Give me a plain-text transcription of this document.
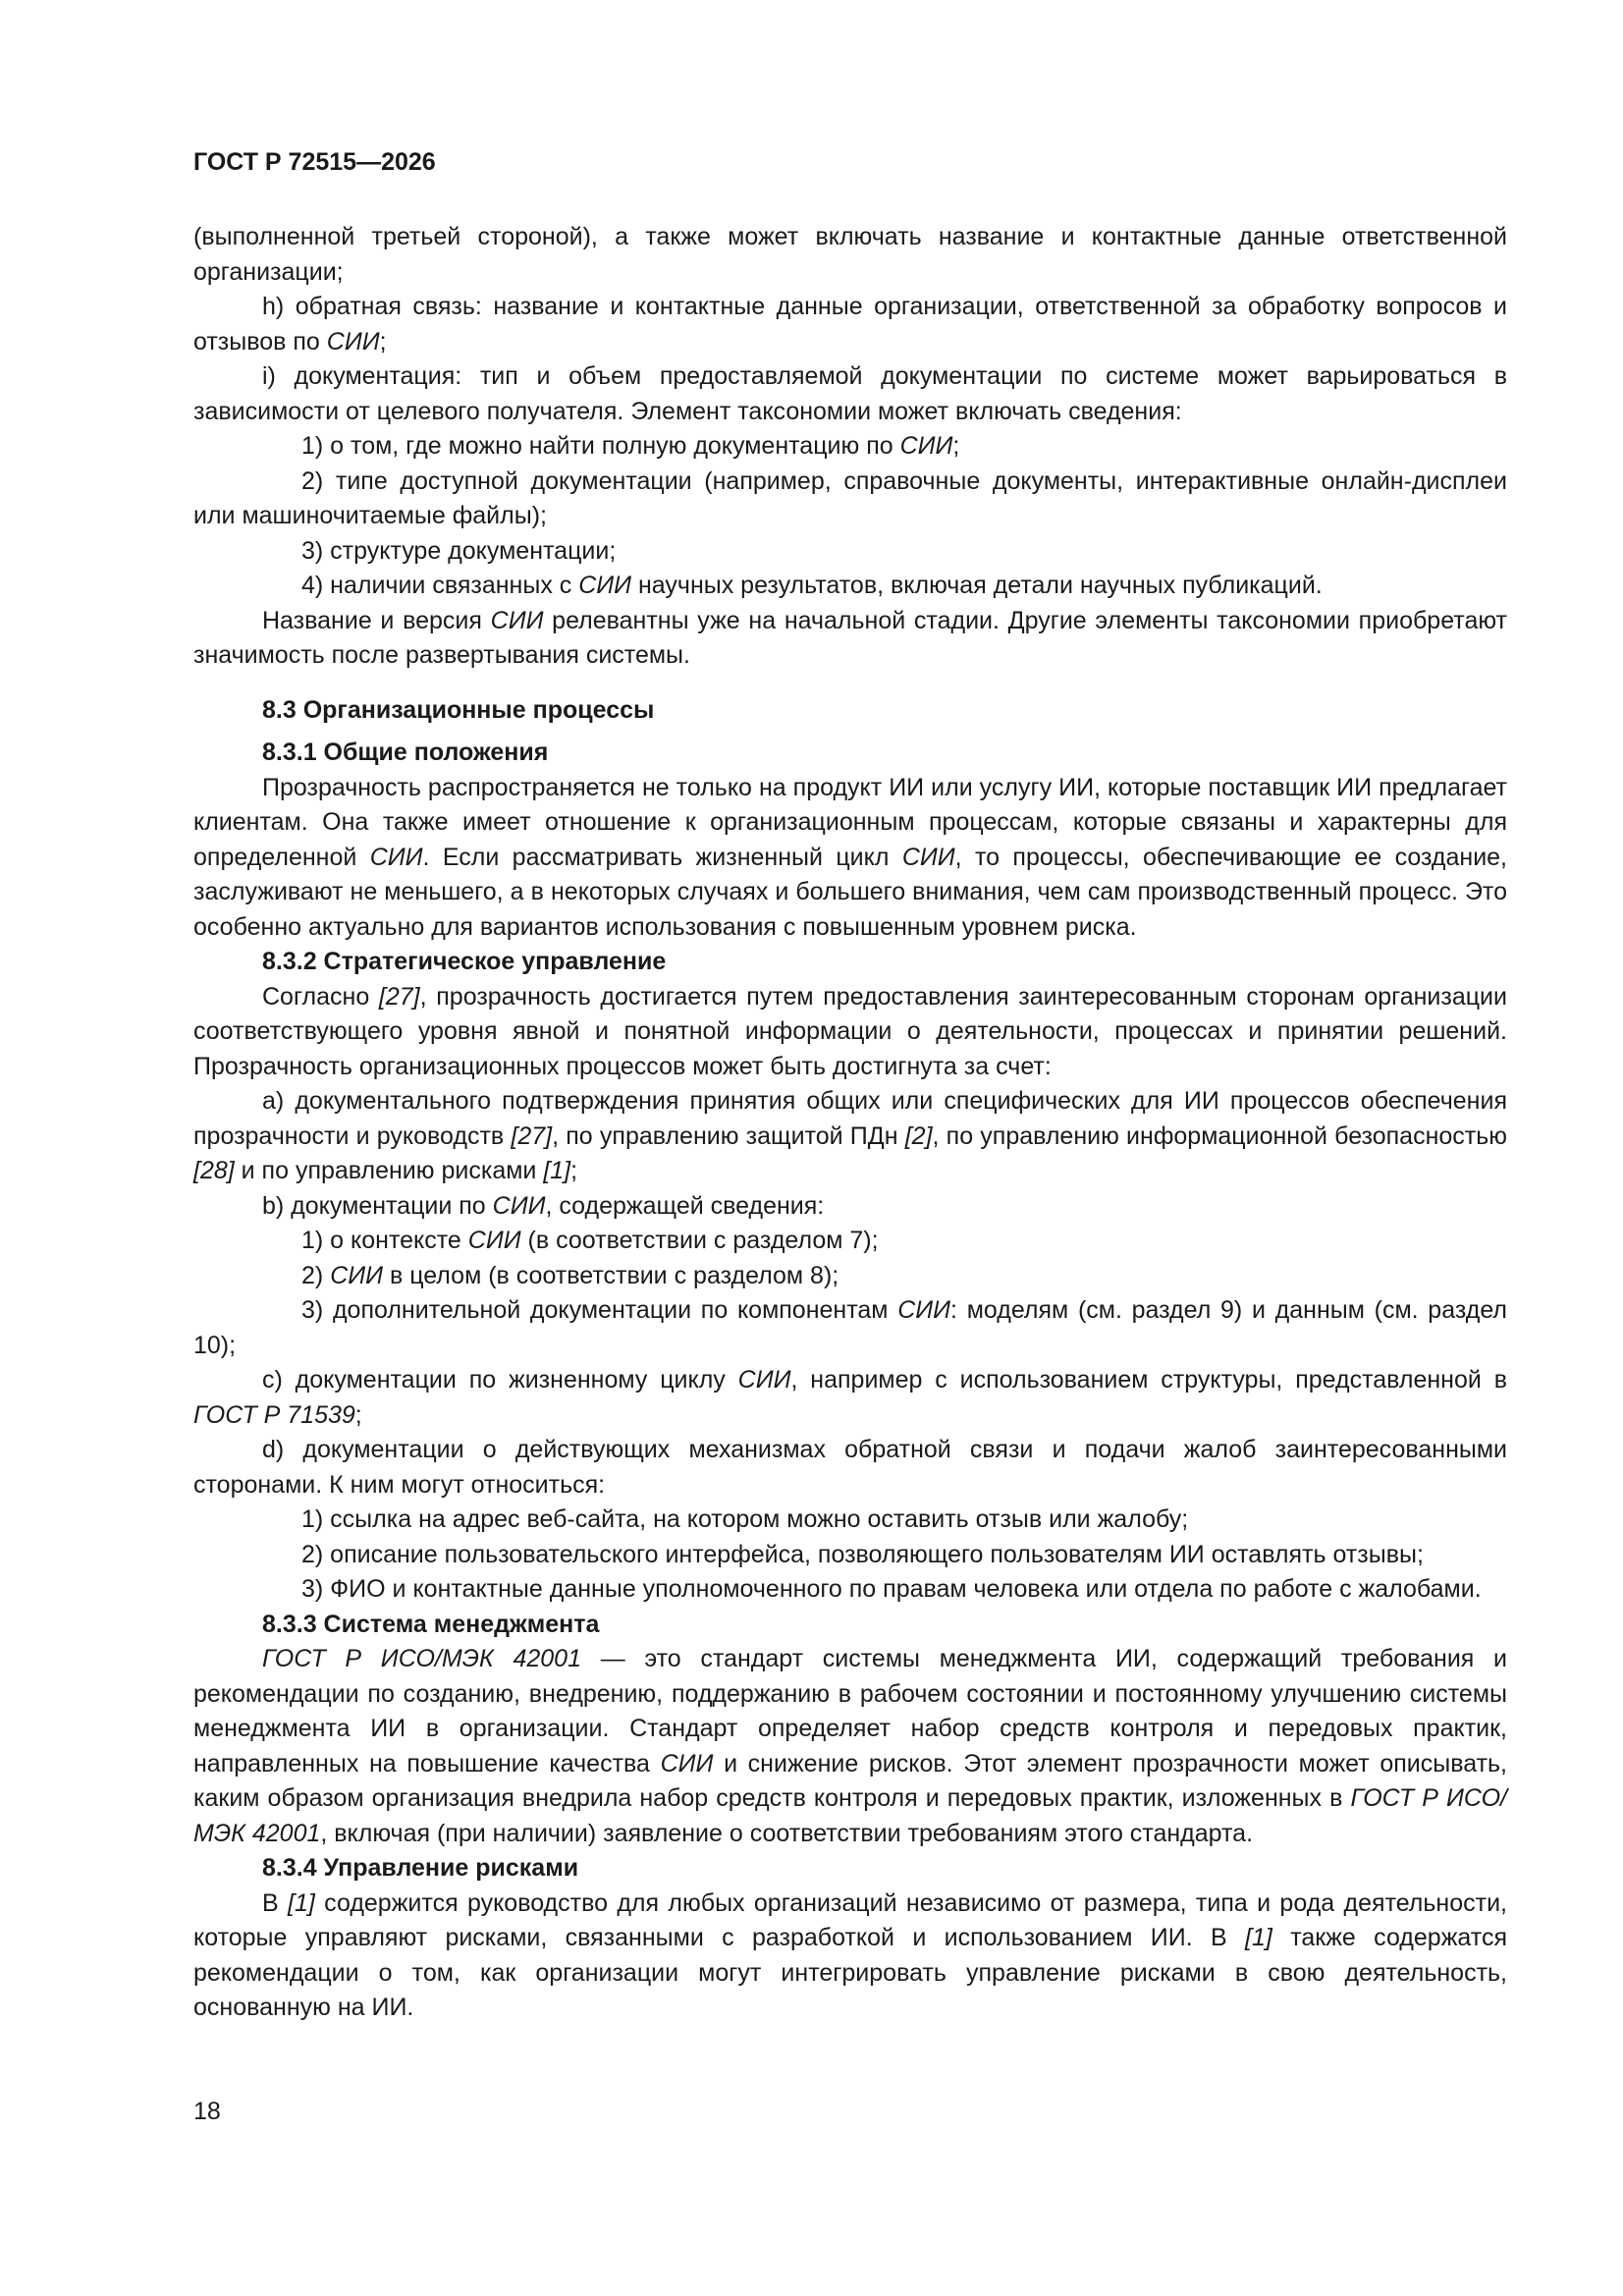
ГОСТ Р 72515—2026

(выполненной третьей стороной), а также может включать название и контактные данные ответственной организации;

h) обратная связь: название и контактные данные организации, ответственной за обработку вопросов и отзывов по СИИ;

i) документация: тип и объем предоставляемой документации по системе может варьироваться в зависимости от целевого получателя. Элемент таксономии может включать сведения:

1) о том, где можно найти полную документацию по СИИ;

2) типе доступной документации (например, справочные документы, интерактивные онлайн-дисплеи или машиночитаемые файлы);

3) структуре документации;

4) наличии связанных с СИИ научных результатов, включая детали научных публикаций.

Название и версия СИИ релевантны уже на начальной стадии. Другие элементы таксономии приобретают значимость после развертывания системы.

8.3 Организационные процессы

8.3.1 Общие положения

Прозрачность распространяется не только на продукт ИИ или услугу ИИ, которые поставщик ИИ предлагает клиентам. Она также имеет отношение к организационным процессам, которые связаны и характерны для определенной СИИ. Если рассматривать жизненный цикл СИИ, то процессы, обеспечивающие ее создание, заслуживают не меньшего, а в некоторых случаях и большего внимания, чем сам производственный процесс. Это особенно актуально для вариантов использования с повышенным уровнем риска.

8.3.2 Стратегическое управление

Согласно [27], прозрачность достигается путем предоставления заинтересованным сторонам организации соответствующего уровня явной и понятной информации о деятельности, процессах и принятии решений. Прозрачность организационных процессов может быть достигнута за счет:

a) документального подтверждения принятия общих или специфических для ИИ процессов обеспечения прозрачности и руководств [27], по управлению защитой ПДн [2], по управлению информационной безопасностью [28] и по управлению рисками [1];

b) документации по СИИ, содержащей сведения:

1) о контексте СИИ (в соответствии с разделом 7);

2) СИИ в целом (в соответствии с разделом 8);

3) дополнительной документации по компонентам СИИ: моделям (см. раздел 9) и данным (см. раздел 10);

c) документации по жизненному циклу СИИ, например с использованием структуры, представленной в ГОСТ Р 71539;

d) документации о действующих механизмах обратной связи и подачи жалоб заинтересованными сторонами. К ним могут относиться:

1) ссылка на адрес веб-сайта, на котором можно оставить отзыв или жалобу;

2) описание пользовательского интерфейса, позволяющего пользователям ИИ оставлять отзывы;

3) ФИО и контактные данные уполномоченного по правам человека или отдела по работе с жалобами.

8.3.3 Система менеджмента

ГОСТ Р ИСО/МЭК 42001 — это стандарт системы менеджмента ИИ, содержащий требования и рекомендации по созданию, внедрению, поддержанию в рабочем состоянии и постоянному улучшению системы менеджмента ИИ в организации. Стандарт определяет набор средств контроля и передовых практик, направленных на повышение качества СИИ и снижение рисков. Этот элемент прозрачности может описывать, каким образом организация внедрила набор средств контроля и передовых практик, изложенных в ГОСТ Р ИСО/МЭК 42001, включая (при наличии) заявление о соответствии требованиям этого стандарта.

8.3.4 Управление рисками

В [1] содержится руководство для любых организаций независимо от размера, типа и рода деятельности, которые управляют рисками, связанными с разработкой и использованием ИИ. В [1] также содержатся рекомендации о том, как организации могут интегрировать управление рисками в свою деятельность, основанную на ИИ.

18
